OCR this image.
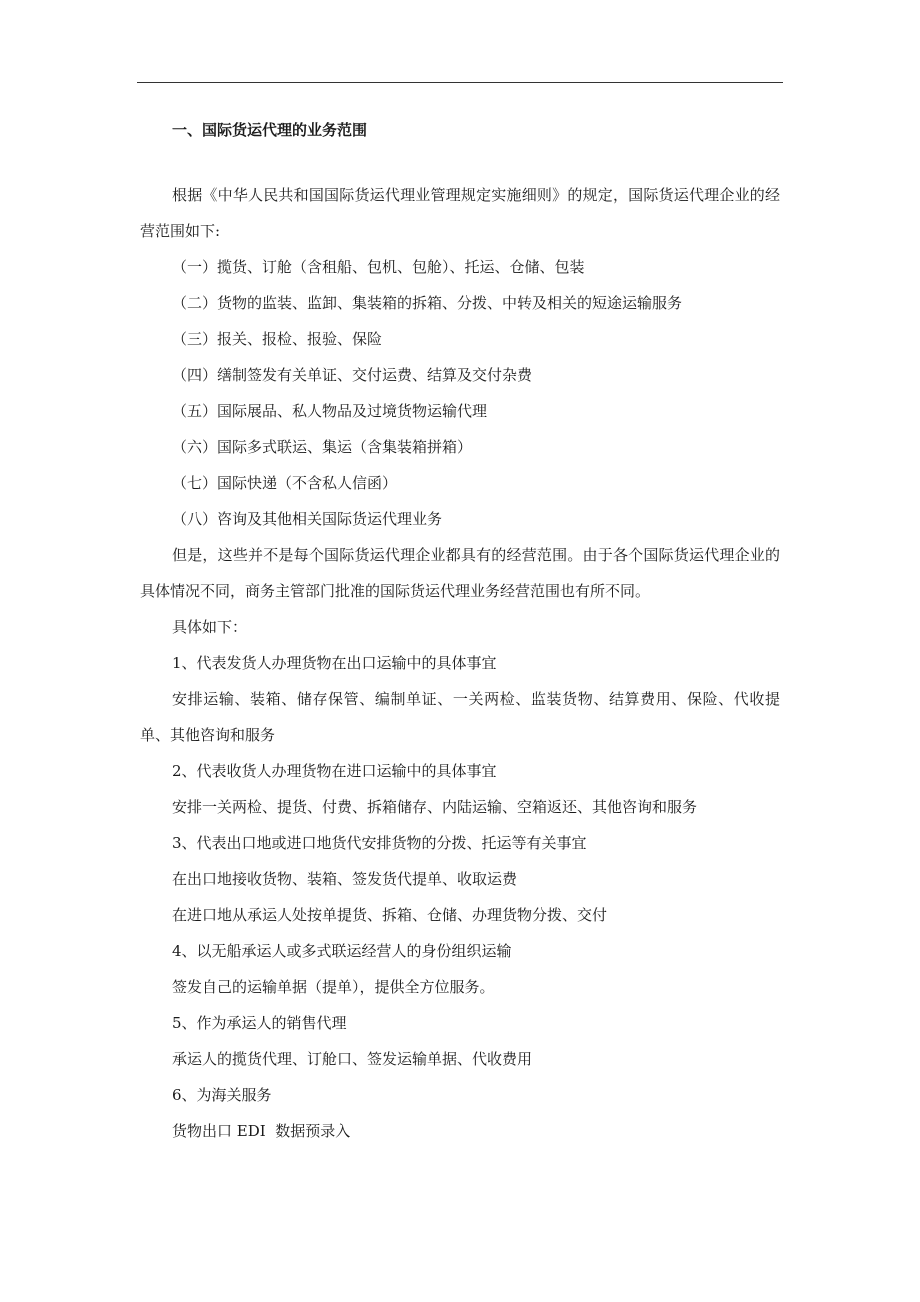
一、国际货运代理的业务范围

根据《中华人民共和国国际货运代理业管理规定实施细则》的规定，国际货运代理企业的经营范围如下:

（一）揽货、订舱（含租船、包机、包舱）、托运、仓储、包装

（二）货物的监装、监卸、集装箱的拆箱、分拨、中转及相关的短途运输服务

（三）报关、报检、报验、保险

（四）缮制签发有关单证、交付运费、结算及交付杂费

（五）国际展品、私人物品及过境货物运输代理

（六）国际多式联运、集运（含集装箱拼箱）

（七）国际快递（不含私人信函）

（八）咨询及其他相关国际货运代理业务

但是，这些并不是每个国际货运代理企业都具有的经营范围。由于各个国际货运代理企业的具体情况不同，商务主管部门批准的国际货运代理业务经营范围也有所不同。

具体如下：

1、代表发货人办理货物在出口运输中的具体事宜

安排运输、装箱、储存保管、编制单证、一关两检、监装货物、结算费用、保险、代收提单、其他咨询和服务

2、代表收货人办理货物在进口运输中的具体事宜

安排一关两检、提货、付费、拆箱储存、内陆运输、空箱返还、其他咨询和服务

3、代表出口地或进口地货代安排货物的分拨、托运等有关事宜

在出口地接收货物、装箱、签发货代提单、收取运费

在进口地从承运人处按单提货、拆箱、仓储、办理货物分拨、交付

4、以无船承运人或多式联运经营人的身份组织运输

签发自己的运输单据（提单），提供全方位服务。

5、作为承运人的销售代理

承运人的揽货代理、订舱口、签发运输单据、代收费用

6、为海关服务

货物出口 EDI  数据预录入
